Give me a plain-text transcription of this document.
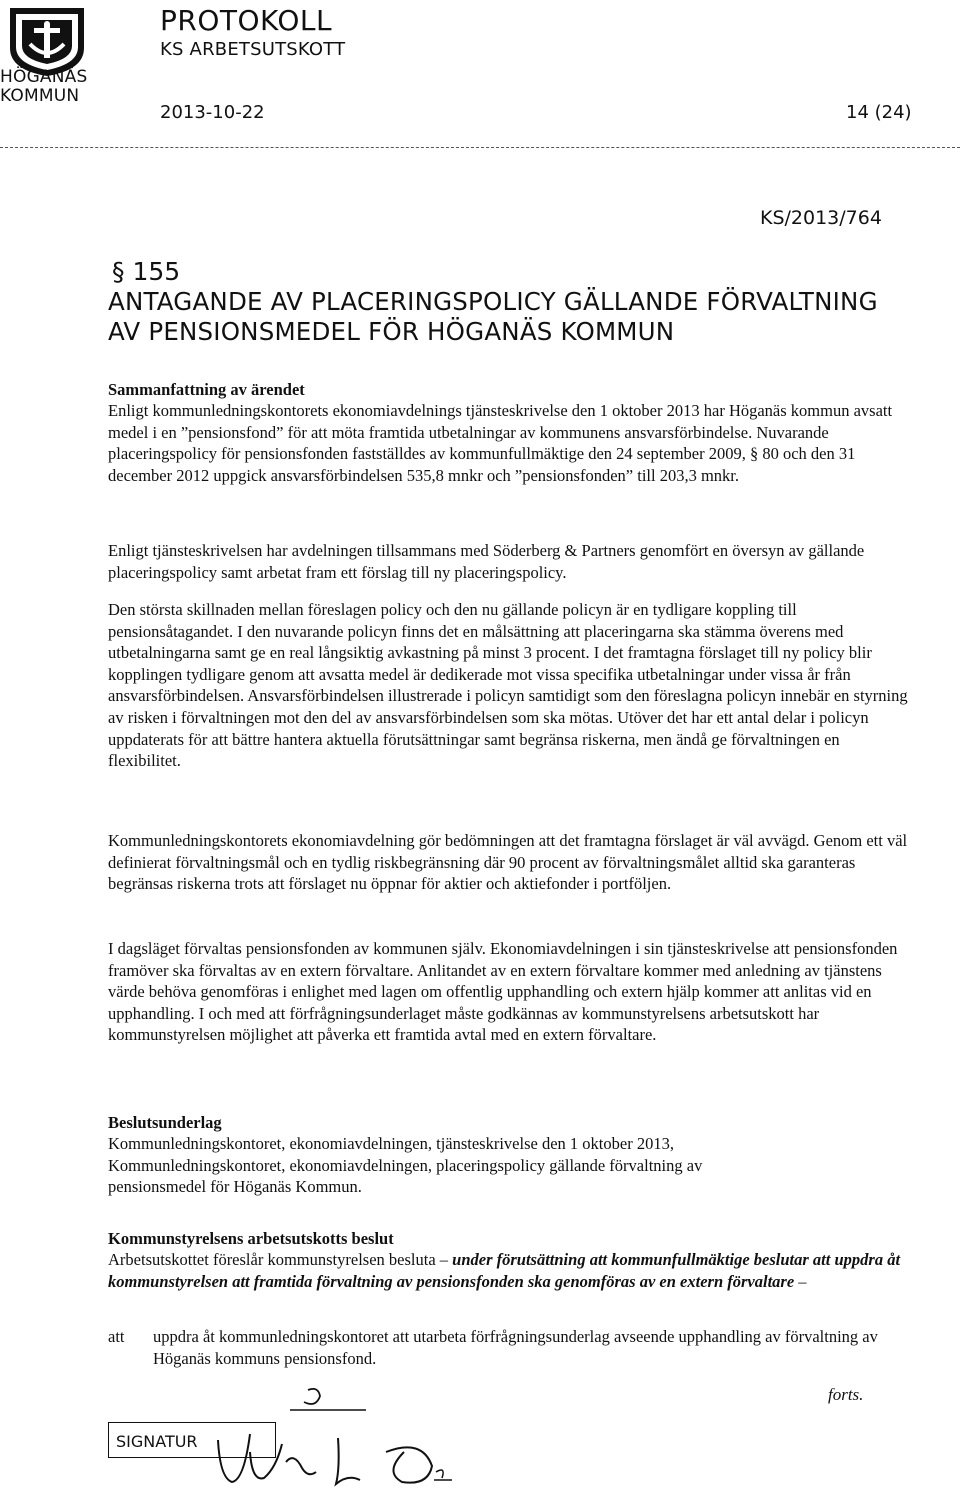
HÖGANÄS
KOMMUN
PROTOKOLL
KS ARBETSUTSKOTT
2013-10-22	14 (24)
KS/2013/764
§ 155
ANTAGANDE AV PLACERINGSPOLICY GÄLLANDE FÖRVALTNING
AV PENSIONSMEDEL FÖR HÖGANÄS KOMMUN
Sammanfattning av ärendet
Enligt kommunledningskontorets ekonomiavdelnings tjänsteskrivelse den 1 oktober 2013 har Höganäs kommun avsatt medel i en ”pensionsfond” för att möta framtida utbetalningar av kommunens ansvarsförbindelse. Nuvarande placeringspolicy för pensionsfonden fastställdes av kommunfullmäktige den 24 september 2009, § 80 och den 31 december 2012 uppgick ansvarsförbindelsen 535,8 mnkr och ”pensionsfonden” till 203,3 mnkr.
Enligt tjänsteskrivelsen har avdelningen tillsammans med Söderberg & Partners genomfört en översyn av gällande placeringspolicy samt arbetat fram ett förslag till ny placeringspolicy.
Den största skillnaden mellan föreslagen policy och den nu gällande policyn är en tydligare koppling till pensionsåtagandet. I den nuvarande policyn finns det en målsättning att placeringarna ska stämma överens med utbetalningarna samt ge en real långsiktig avkastning på minst 3 procent. I det framtagna förslaget till ny policy blir kopplingen tydligare genom att avsatta medel är dedikerade mot vissa specifika utbetalningar under vissa år från ansvarsförbindelsen. Ansvarsförbindelsen illustrerade i policyn samtidigt som den föreslagna policyn innebär en styrning av risken i förvaltningen mot den del av ansvarsförbindelsen som ska mötas. Utöver det har ett antal delar i policyn uppdaterats för att bättre hantera aktuella förutsättningar samt begränsa riskerna, men ändå ge förvaltningen en flexibilitet.
Kommunledningskontorets ekonomiavdelning gör bedömningen att det framtagna förslaget är väl avvägd. Genom ett väl definierat förvaltningsmål och en tydlig riskbegränsning där 90 procent av förvaltningsmålet alltid ska garanteras begränsas riskerna trots att förslaget nu öppnar för aktier och aktiefonder i portföljen.
I dagsläget förvaltas pensionsfonden av kommunen själv. Ekonomiavdelningen i sin tjänsteskrivelse att pensionsfonden framöver ska förvaltas av en extern förvaltare. Anlitandet av en extern förvaltare kommer med anledning av tjänstens värde behöva genomföras i enlighet med lagen om offentlig upphandling och extern hjälp kommer att anlitas vid en upphandling. I och med att förfrågningsunderlaget måste godkännas av kommunstyrelsens arbetsutskott har kommunstyrelsen möjlighet att påverka ett framtida avtal med en extern förvaltare.
Beslutsunderlag
Kommunledningskontoret, ekonomiavdelningen, tjänsteskrivelse den 1 oktober 2013,
Kommunledningskontoret, ekonomiavdelningen, placeringspolicy gällande förvaltning av
pensionsmedel för Höganäs Kommun.
Kommunstyrelsens arbetsutskotts beslut
Arbetsutskottet föreslår kommunstyrelsen besluta – under förutsättning att kommunfullmäktige beslutar att uppdra åt kommunstyrelsen att framtida förvaltning av pensionsfonden ska genomföras av en extern förvaltare –
att uppdra åt kommunledningskontoret att utarbeta förfrågningsunderlag avseende upphandling av förvaltning av Höganäs kommuns pensionsfond.
forts.
SIGNATUR
